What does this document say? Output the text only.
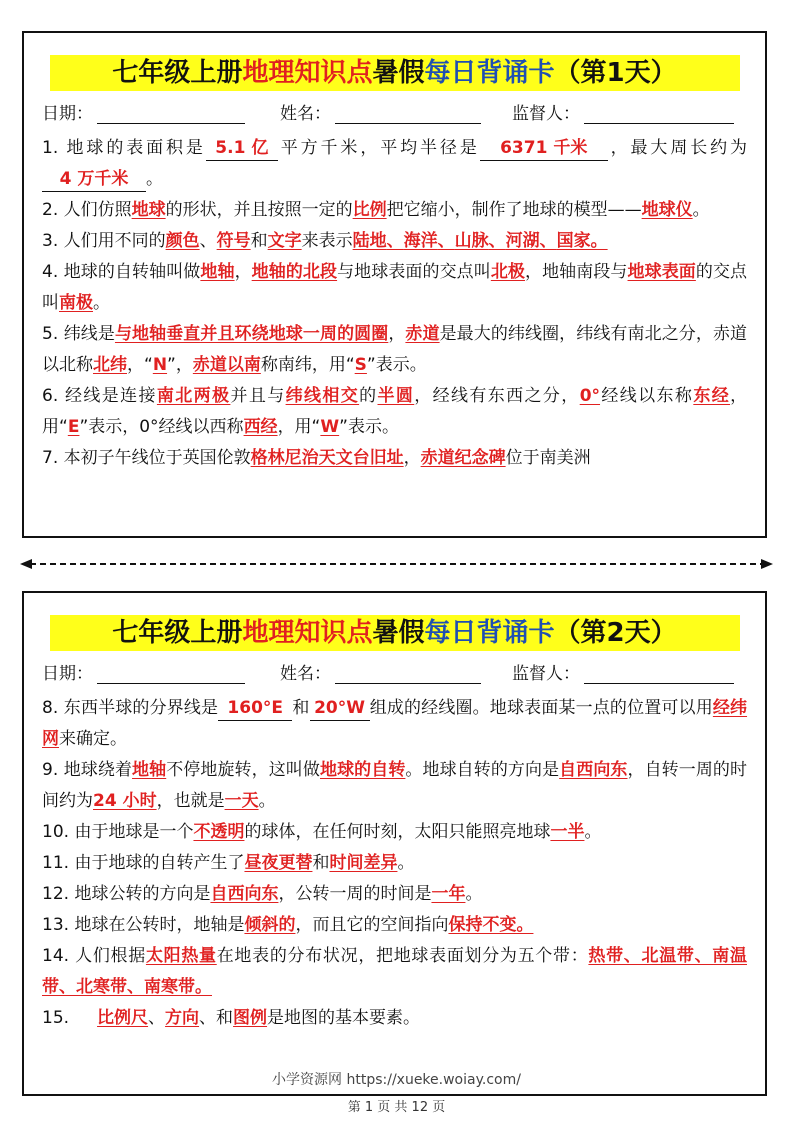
七年级上册地理知识点暑假每日背诵卡（第1天）
日期：	姓名：	监督人：
1. 地球的表面积是 5.1 亿 平方千米，平均半径是 6371 千米 ，最大周长约为4 万千米 。
2. 人们仿照地球的形状，并且按照一定的比例把它缩小，制作了地球的模型——地球仪。
3. 人们用不同的颜色、符号和文字来表示陆地、海洋、山脉、河湖、国家。
4. 地球的自转轴叫做地轴，地轴的北段与地球表面的交点叫北极，地轴南段与地球表面的交点叫南极。
5. 纬线是与地轴垂直并且环绕地球一周的圆圈，赤道是最大的纬线圈，纬线有南北之分，赤道以北称北纬，“N”，赤道以南称南纬，用“S”表示。
6. 经线是连接南北两极并且与纬线相交的半圆，经线有东西之分，0°经线以东称东经，用“E”表示，0°经线以西称西经，用“W”表示。
7. 本初子午线位于英国伦敦格林尼治天文台旧址，赤道纪念碑位于南美洲
七年级上册地理知识点暑假每日背诵卡（第2天）
日期：	姓名：	监督人：
8. 东西半球的分界线是 160°E 和 20°W 组成的经线圈。地球表面某一点的位置可以用经纬网来确定。
9. 地球绕着地轴不停地旋转，这叫做地球的自转。地球自转的方向是自西向东，自转一周的时间约为24 小时，也就是一天。
10. 由于地球是一个不透明的球体，在任何时刻，太阳只能照亮地球一半。
11. 由于地球的自转产生了昼夜更替和时间差异。
12. 地球公转的方向是自西向东，公转一周的时间是一年。
13. 地球在公转时，地轴是倾斜的，而且它的空间指向保持不变。
14. 人们根据太阳热量在地表的分布状况，把地球表面划分为五个带：热带、北温带、南温带、北寒带、南寒带。
15. 比例尺、方向、和图例是地图的基本要素。
小学资源网 https://xueke.woiay.com/
第 1 页 共 12 页
